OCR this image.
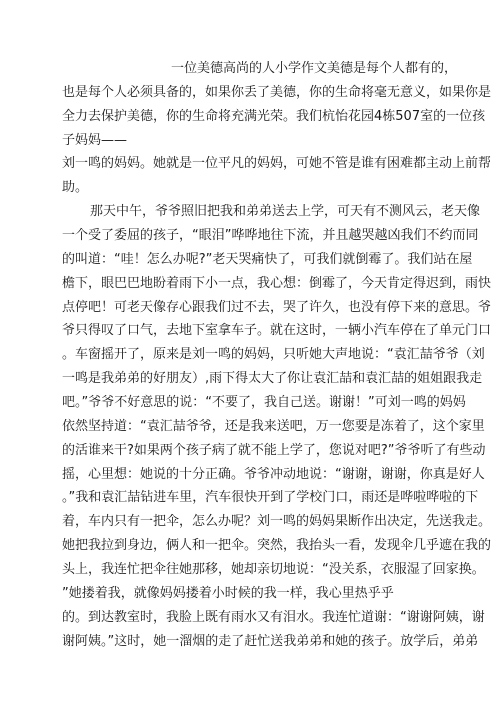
一位美德高尚的人小学作文美德是每个人都有的，
也是每个人必须具备的，如果你丢了美德，你的生命将毫无意义，如果你是
全力去保护美德，你的生命将充满光荣。我们杭怡花园4栋507室的一位孩
子妈妈——
刘一鸣的妈妈。她就是一位平凡的妈妈，可她不管是谁有困难都主动上前帮
助。
那天中午，爷爷照旧把我和弟弟送去上学，可天有不测风云，老天像
一个受了委屈的孩子，“眼泪”哗哗地往下流，并且越哭越凶我们不约而同
的叫道：“哇！怎么办呢?”老天哭痛快了，可我们就倒霉了。我们站在屋
檐下，眼巴巴地盼着雨下小一点，我心想：倒霉了，今天肯定得迟到，雨快
点停吧！可老天像存心跟我们过不去，哭了许久，也没有停下来的意思。爷
爷只得叹了口气，去地下室拿车子。就在这时，一辆小汽车停在了单元门口
。车窗摇开了，原来是刘一鸣的妈妈，只听她大声地说：“袁汇喆爷爷（刘
一鸣是我弟弟的好朋友）,雨下得太大了你让袁汇喆和袁汇喆的姐姐跟我走
吧。”爷爷不好意思的说：“不要了，我自己送。谢谢！”可刘一鸣的妈妈
依然坚持道：“袁汇喆爷爷，还是我来送吧，万一您要是冻着了，这个家里
的活谁来干?如果两个孩子病了就不能上学了，您说对吧?”爷爷听了有些动
摇，心里想：她说的十分正确。爷爷冲动地说：“谢谢，谢谢，你真是好人
。”我和袁汇喆钻进车里，汽车很快开到了学校门口，雨还是哗啦哗啦的下
着，车内只有一把伞，怎么办呢？刘一鸣的妈妈果断作出决定，先送我走。
她把我拉到身边，俩人和一把伞。突然，我抬头一看，发现伞几乎遮在我的
头上，我连忙把伞往她那移，她却亲切地说：“没关系，衣服湿了回家换。
”她搂着我，就像妈妈搂着小时候的我一样，我心里热乎乎
的。到达教室时，我脸上既有雨水又有泪水。我连忙道谢：“谢谢阿姨，谢
谢阿姨。”这时，她一溜烟的走了赶忙送我弟弟和她的孩子。放学后，弟弟
